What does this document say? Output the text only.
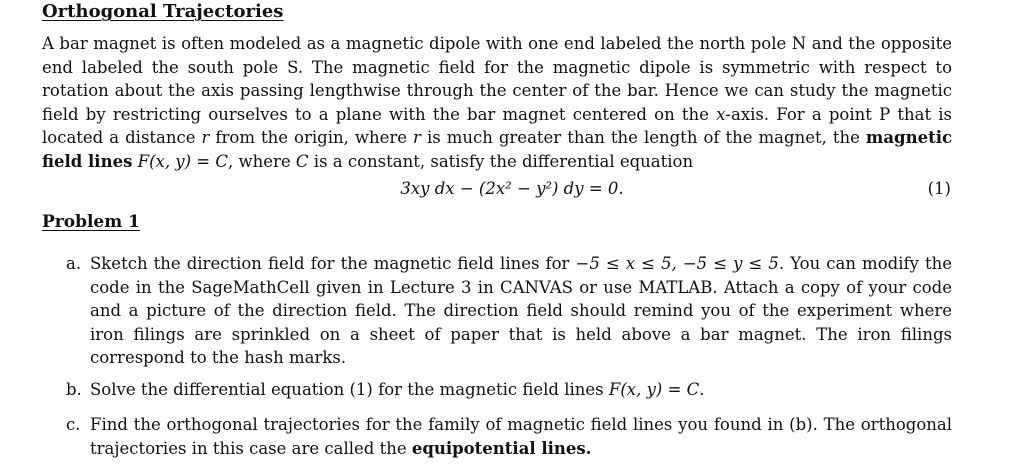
Orthogonal Trajectories
A bar magnet is often modeled as a magnetic dipole with one end labeled the north pole N and the opposite end labeled the south pole S. The magnetic field for the magnetic dipole is symmetric with respect to rotation about the axis passing lengthwise through the center of the bar. Hence we can study the magnetic field by restricting ourselves to a plane with the bar magnet centered on the x-axis. For a point P that is located a distance r from the origin, where r is much greater than the length of the magnet, the magnetic field lines F(x, y) = C, where C is a constant, satisfy the differential equation
3xy dx − (2x² − y²) dy = 0.	(1)
Problem 1
a. Sketch the direction field for the magnetic field lines for −5 ≤ x ≤ 5, −5 ≤ y ≤ 5. You can modify the code in the SageMathCell given in Lecture 3 in CANVAS or use MATLAB. Attach a copy of your code and a picture of the direction field. The direction field should remind you of the experiment where iron filings are sprinkled on a sheet of paper that is held above a bar magnet. The iron filings correspond to the hash marks.
b. Solve the differential equation (1) for the magnetic field lines F(x, y) = C.
c. Find the orthogonal trajectories for the family of magnetic field lines you found in (b). The orthogonal trajectories in this case are called the equipotential lines.
